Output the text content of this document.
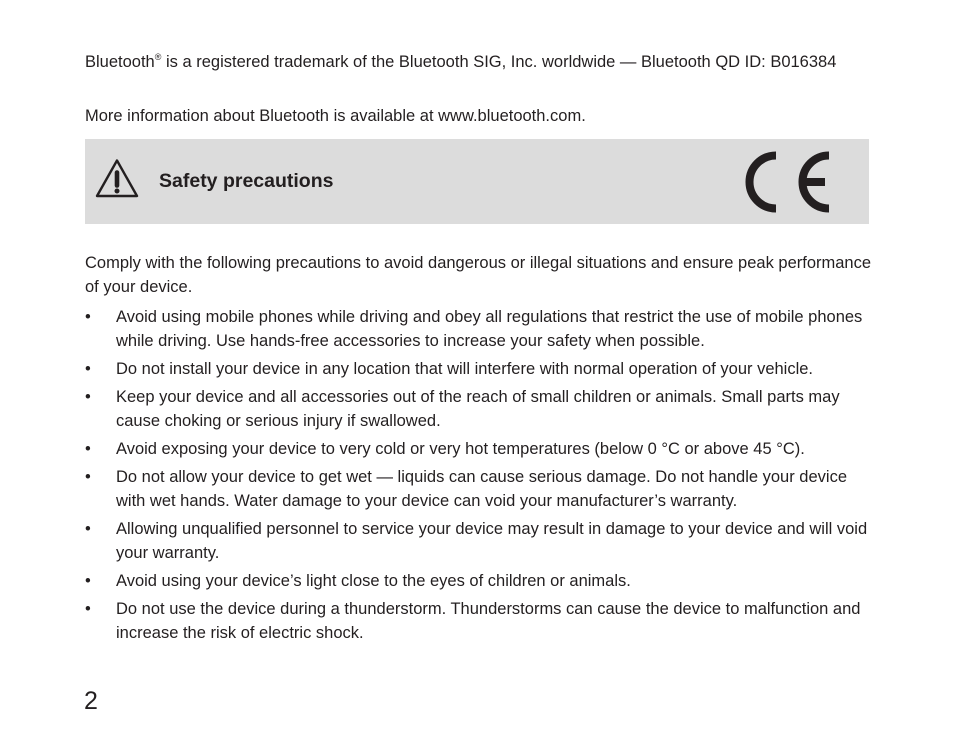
Bluetooth® is a registered trademark of the Bluetooth SIG, Inc. worldwide — Bluetooth QD ID: B016384

More information about Bluetooth is available at www.bluetooth.com.

Safety precautions

Comply with the following precautions to avoid dangerous or illegal situations and ensure peak performance of your device.

• Avoid using mobile phones while driving and obey all regulations that restrict the use of mobile phones while driving. Use hands-free accessories to increase your safety when possible.
• Do not install your device in any location that will interfere with normal operation of your vehicle.
• Keep your device and all accessories out of the reach of small children or animals. Small parts may cause choking or serious injury if swallowed.
• Avoid exposing your device to very cold or very hot temperatures (below 0 °C or above 45 °C).
• Do not allow your device to get wet — liquids can cause serious damage. Do not handle your device with wet hands. Water damage to your device can void your manufacturer’s warranty.
• Allowing unqualified personnel to service your device may result in damage to your device and will void your warranty.
• Avoid using your device’s light close to the eyes of children or animals.
• Do not use the device during a thunderstorm. Thunderstorms can cause the device to malfunction and increase the risk of electric shock.
2
